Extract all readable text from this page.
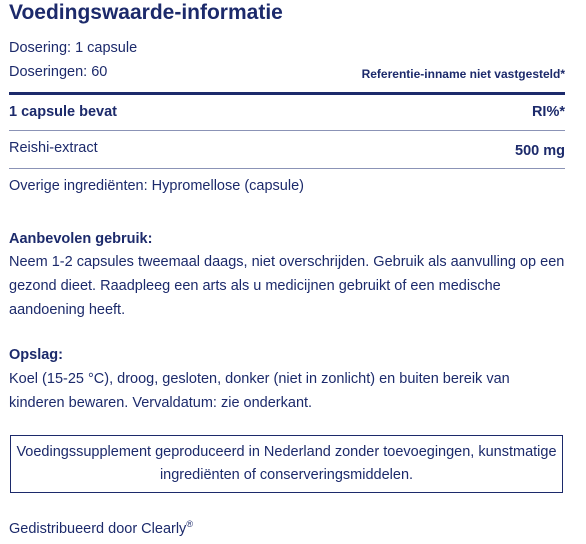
Voedingswaarde-informatie
Dosering: 1 capsule
Doseringen: 60	Referentie-inname niet vastgesteld*
1 capsule bevat	RI%*
Reishi-extract	500 mg
Overige ingrediënten: Hypromellose (capsule)
Aanbevolen gebruik:
Neem 1-2 capsules tweemaal daags, niet overschrijden. Gebruik als aanvulling op een gezond dieet. Raadpleeg een arts als u medicijnen gebruikt of een medische aandoening heeft.
Opslag:
Koel (15-25 °C), droog, gesloten, donker (niet in zonlicht) en buiten bereik van kinderen bewaren. Vervaldatum: zie onderkant.
Voedingssupplement geproduceerd in Nederland zonder toevoegingen, kunstmatige ingrediënten of conserveringsmiddelen.
Gedistribueerd door Clearly®
